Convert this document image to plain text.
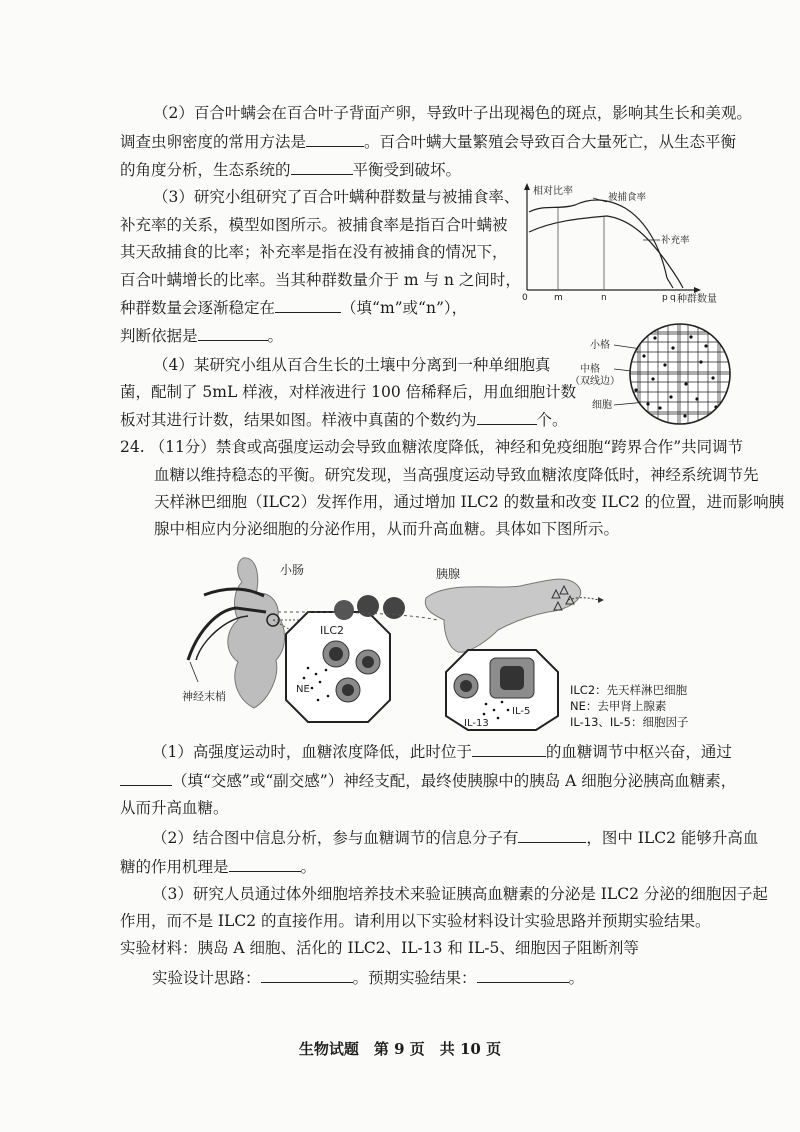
（2）百合叶螨会在百合叶子背面产卵，导致叶子出现褐色的斑点，影响其生长和美观。
调查虫卵密度的常用方法是	。百合叶螨大量繁殖会导致百合大量死亡，从生态平衡
的角度分析，生态系统的	平衡受到破坏。
（3）研究小组研究了百合叶螨种群数量与被捕食率、
补充率的关系，模型如图所示。被捕食率是指百合叶螨被
其天敌捕食的比率；补充率是指在没有被捕食的情况下，
百合叶螨增长的比率。当其种群数量介于 m 与 n 之间时，
种群数量会逐渐稳定在	（填“m”或“n”），
判断依据是	。
相对比率
种群数量
被捕食率
补充率
0	m	n	p q
（4）某研究小组从百合生长的土壤中分离到一种单细胞真
菌，配制了 5mL 样液，对样液进行 100 倍稀释后，用血细胞计数
板对其进行计数，结果如图。样液中真菌的个数约为	个。
小格
中格
（双线边）
细胞
24. （11分）禁食或高强度运动会导致血糖浓度降低，神经和免疫细胞“跨界合作”共同调节
血糖以维持稳态的平衡。研究发现，当高强度运动导致血糖浓度降低时，神经系统调节先
天样淋巴细胞（ILC2）发挥作用，通过增加 ILC2 的数量和改变 ILC2 的位置，进而影响胰
腺中相应内分泌细胞的分泌作用，从而升高血糖。具体如下图所示。
小肠
神经末梢
ILC2
NE
胰腺
IL-5
IL-13
ILC2：先天样淋巴细胞
NE：去甲肾上腺素
IL-13、IL-5：细胞因子
（1）高强度运动时，血糖浓度降低，此时位于	的血糖调节中枢兴奋，通过
（填“交感”或“副交感”）神经支配，最终使胰腺中的胰岛 A 细胞分泌胰高血糖素，
从而升高血糖。
（2）结合图中信息分析，参与血糖调节的信息分子有	，图中 ILC2 能够升高血
糖的作用机理是	。
（3）研究人员通过体外细胞培养技术来验证胰高血糖素的分泌是 ILC2 分泌的细胞因子起
作用，而不是 ILC2 的直接作用。请利用以下实验材料设计实验思路并预期实验结果。
实验材料：胰岛 A 细胞、活化的 ILC2、IL-13 和 IL-5、细胞因子阻断剂等
实验设计思路：	。预期实验结果：	。
生物试题　第 9 页　共 10 页
